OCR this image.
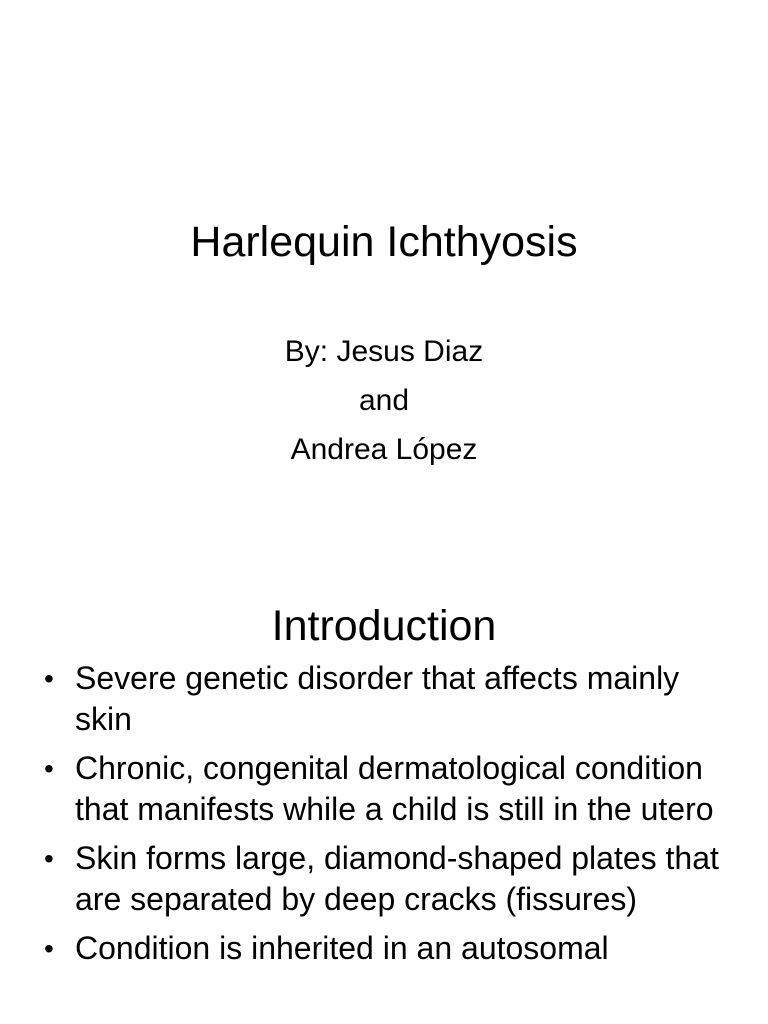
Harlequin Ichthyosis
By: Jesus Diaz
and
Andrea López
Introduction
• Severe genetic disorder that affects mainly skin
• Chronic, congenital dermatological condition that manifests while a child is still in the utero
• Skin forms large, diamond-shaped plates that are separated by deep cracks (fissures)
• Condition is inherited in an autosomal
